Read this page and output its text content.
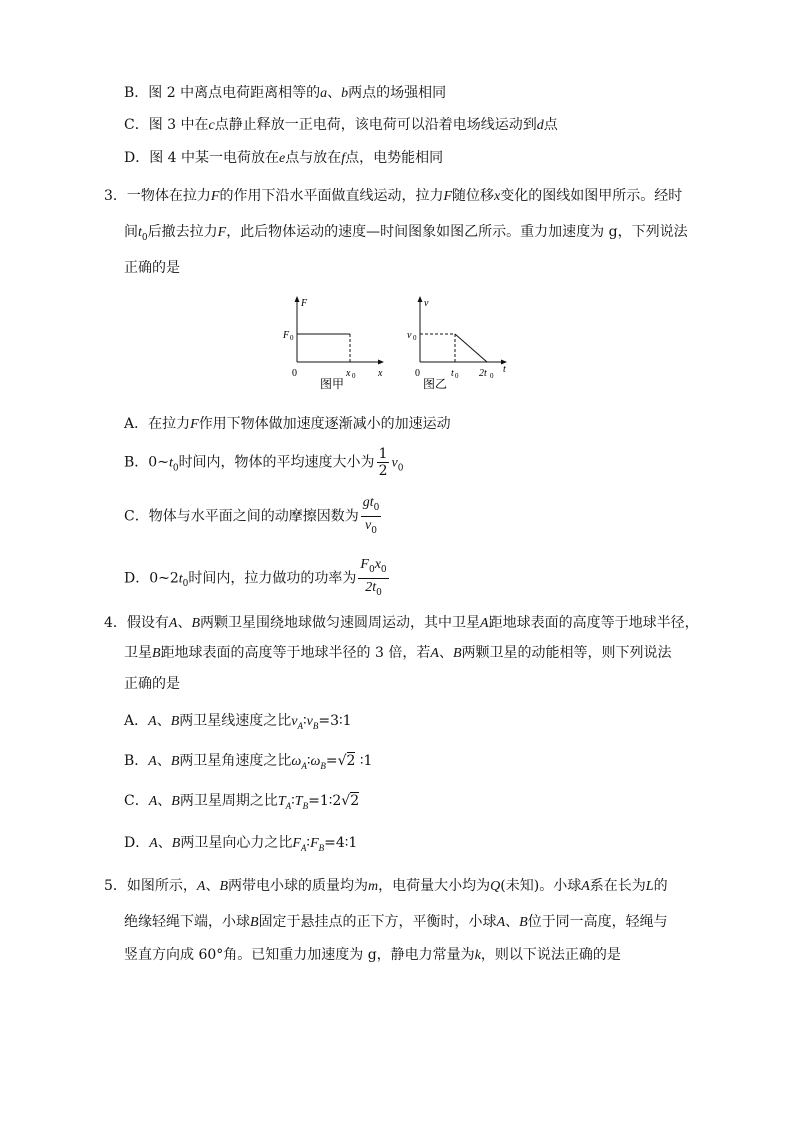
B．图 2 中离点电荷距离相等的a、b两点的场强相同
C．图 3 中在c点静止释放一正电荷，该电荷可以沿着电场线运动到d点
D．图 4 中某一电荷放在e点与放在f点，电势能相同
3．一物体在拉力F的作用下沿水平面做直线运动，拉力F随位移x变化的图线如图甲所示。经时
间$t_0$后撤去拉力F，此后物体运动的速度—时间图象如图乙所示。重力加速度为 g，下列说法
正确的是
F
F 0
0	x 0 x
图甲
v
v 0
0	t 0 2t 0
t
图乙
A．在拉力F作用下物体做加速度逐渐减小的加速运动
B．$0\sim t_0$时间内，物体的平均速度大小为 $\frac{1}{2} v_0$
C．物体与水平面之间的动摩擦因数为 $\frac{gt_0}{v_0}$
D．$0\sim 2t_0$时间内，拉力做功的功率为 $\frac{F_0x_0}{2t_0}$
4．假设有A、B两颗卫星围绕地球做匀速圆周运动，其中卫星A距地球表面的高度等于地球半径，
卫星B距地球表面的高度等于地球半径的 3 倍，若A、B两颗卫星的动能相等，则下列说法
正确的是
A．A、B两卫星线速度之比$v_A∶v_B=3∶1$
B．A、B两卫星角速度之比$\omega_A∶\omega_B=√2$ ∶1
C．A、B两卫星周期之比$T_A∶T_B=1∶2√2$
D．A、B两卫星向心力之比$F_A∶F_B=4∶1$
5．如图所示，A、B两带电小球的质量均为m，电荷量大小均为Q(未知)。小球A系在长为L的
绝缘轻绳下端，小球B固定于悬挂点的正下方，平衡时，小球A、B位于同一高度，轻绳与
竖直方向成 60°角。已知重力加速度为 g，静电力常量为k，则以下说法正确的是
